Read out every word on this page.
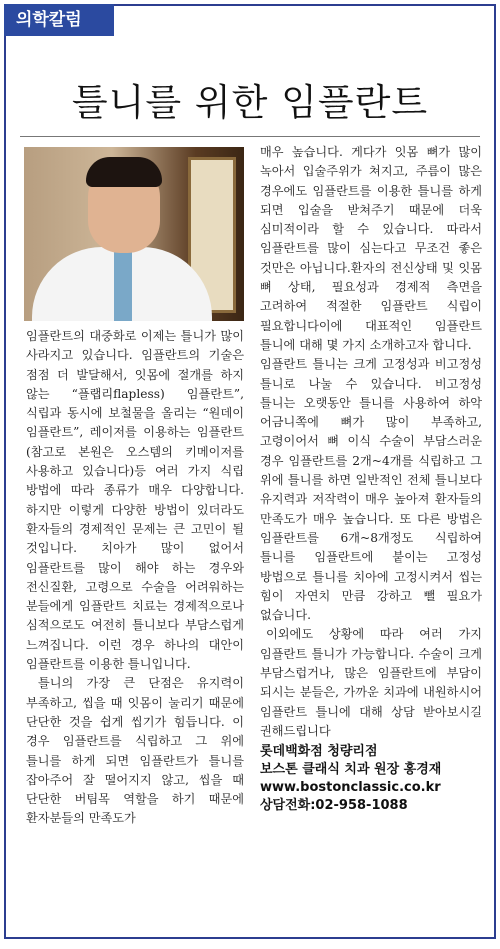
의학칼럼
틀니를 위한 임플란트

임플란트의 대중화로 이제는 틀니가 많이 사라지고 있습니다. 임플란트의 기술은 점점 더 발달해서, 잇몸에 절개를 하지 않는 “플랩리flapless) 임플란트”, 식립과 동시에 보철물을 올리는 “원데이 임플란트”, 레이저를 이용하는 임플란트(참고로 본원은 오스템의 키메이저를 사용하고 있습니다)등 여러 가지 식립 방법에 따라 종류가 매우 다양합니다. 하지만 이렇게 다양한 방법이 있더라도 환자들의 경제적인 문제는 큰 고민이 될 것입니다. 치아가 많이 없어서 임플란트를 많이 해야 하는 경우와 전신질환, 고령으로 수술을 어려워하는 분들에게 임플란트 치료는 경제적으로나 심적으로도 여전히 틀니보다 부담스럽게 느껴집니다. 이런 경우 하나의 대안이 임플란트를 이용한 틀니입니다.

틀니의 가장 큰 단점은 유지력이 부족하고, 씹을 때 잇몸이 눌리기 때문에 단단한 것을 쉽게 씹기가 힘듭니다. 이 경우 임플란트를 식립하고 그 위에 틀니를 하게 되면 임플란트가 틀니를 잡아주어 잘 떨어지지 않고, 씹을 때 단단한 버팀목 역할을 하기 때문에 환자분들의 만족도가

매우 높습니다. 게다가 잇몸 뼈가 많이 녹아서 입술주위가 쳐지고, 주름이 많은 경우에도 임플란트를 이용한 틀니를 하게 되면 입술을 받쳐주기 때문에 더욱 심미적이라 할 수 있습니다. 따라서 임플란트를 많이 심는다고 무조건 좋은 것만은 아닙니다.환자의 전신상태 및 잇몸 뼈 상태, 필요성과 경제적 측면을 고려하여 적절한 임플란트 식립이 필요합니다이에 대표적인 임플란트 틀니에 대해 몇 가지 소개하고자 합니다.

임플란트 틀니는 크게 고정성과 비고정성 틀니로 나눌 수 있습니다. 비고정성 틀니는 오랫동안 틀니를 사용하여 하악 어금니쪽에 뼈가 많이 부족하고, 고령이어서 뼈 이식 수술이 부담스러운 경우 임플란트를 2개~4개를 식립하고 그 위에 틀니를 하면 일반적인 전체 틀니보다 유지력과 저작력이 매우 높아져 환자들의 만족도가 매우 높습니다. 또 다른 방법은 임플란트를 6개~8개정도 식립하여 틀니를 임플란트에 붙이는 고정성 방법으로 틀니를 치아에 고정시켜서 씹는 힘이 자연치 만큼 강하고 뺄 필요가 없습니다.

이외에도 상황에 따라 여러 가지 임플란트 틀니가 가능합니다. 수술이 크게 부담스럽거나, 많은 임플란트에 부담이 되시는 분들은, 가까운 치과에 내원하시어 임플란트 틀니에 대해 상담 받아보시길 권해드립니다

롯데백화점 청량리점
보스톤 클래식 치과 원장 홍경재
www.bostonclassic.co.kr
상담전화:02-958-1088
